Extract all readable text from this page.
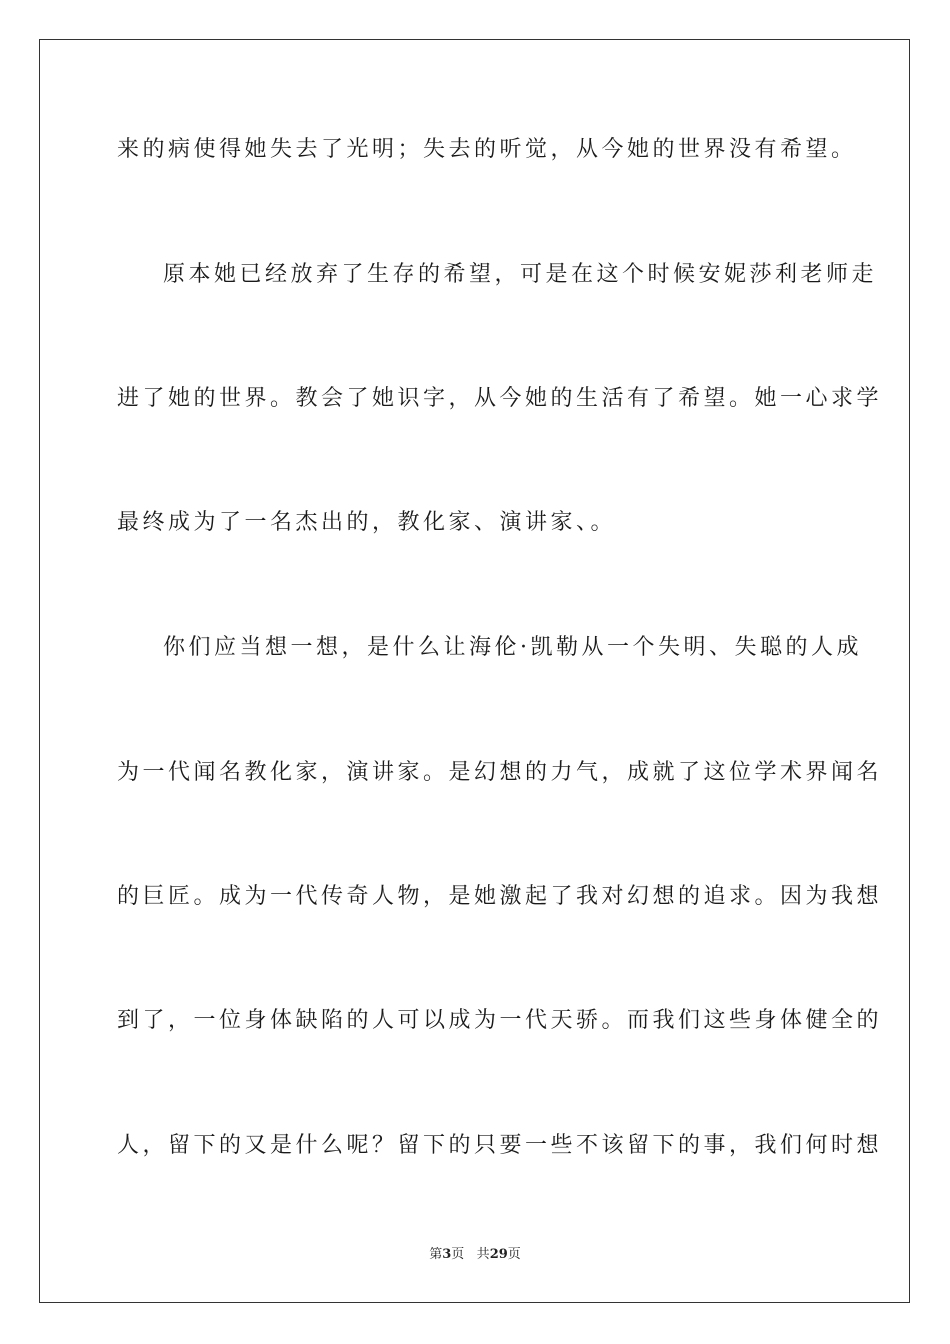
来的病使得她失去了光明；失去的听觉，从今她的世界没有希望。
原本她已经放弃了生存的希望，可是在这个时候安妮莎利老师走
进了她的世界。教会了她识字，从今她的生活有了希望。她一心求学
最终成为了一名杰出的，教化家、演讲家、。
你们应当想一想，是什么让海伦·凯勒从一个失明、失聪的人成
为一代闻名教化家，演讲家。是幻想的力气，成就了这位学术界闻名
的巨匠。成为一代传奇人物，是她激起了我对幻想的追求。因为我想
到了，一位身体缺陷的人可以成为一代天骄。而我们这些身体健全的
人，留下的又是什么呢？留下的只要一些不该留下的事，我们何时想
第3页 共29页
